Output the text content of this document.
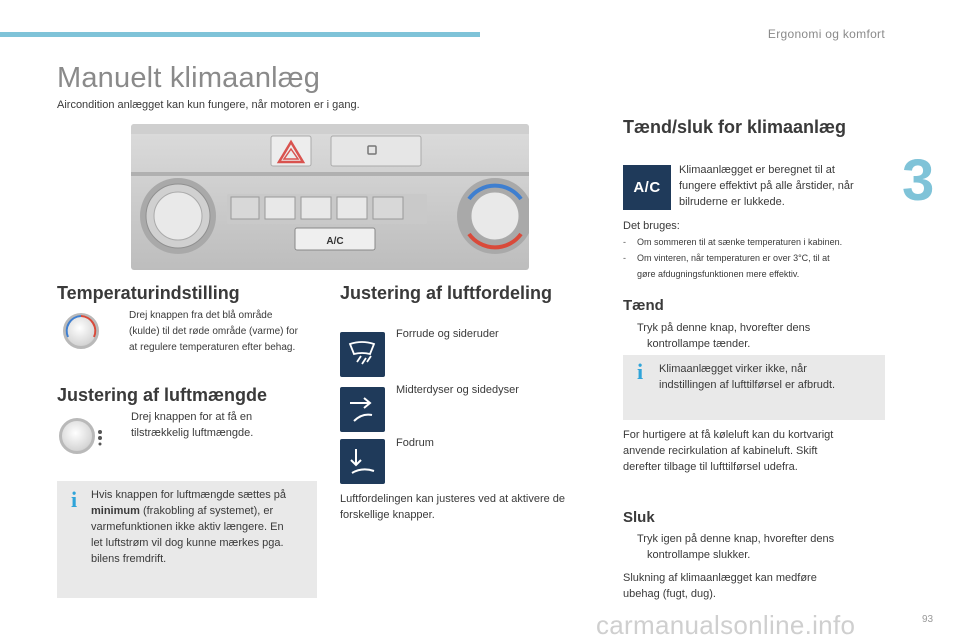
Ergonomi og komfort
3
Manuelt klimaanlæg
Aircondition anlægget kan kun fungere, når motoren er i gang.
A/C
Temperaturindstilling
Drej knappen fra det blå område
(kulde) til det røde område (varme) for
at regulere temperaturen efter behag.
Justering af luftmængde
Drej knappen for at få en
tilstrækkelig luftmængde.
i Hvis knappen for luftmængde sættes på
minimum (frakobling af systemet), er
varmefunktionen ikke aktiv længere. En
let luftstrøm vil dog kunne mærkes pga.
bilens fremdrift.
Justering af luftfordeling
Forrude og sideruder
Midterdyser og sidedyser
Fodrum
Luftfordelingen kan justeres ved at aktivere de
forskellige knapper.
Tænd/sluk for klimaanlæg
A/C
Klimaanlægget er beregnet til at
fungere effektivt på alle årstider, når
bilruderne er lukkede.
Det bruges:
- Om sommeren til at sænke temperaturen i kabinen.
- Om vinteren, når temperaturen er over 3°C, til at
gøre afdugningsfunktionen mere effektiv.
Tænd
Tryk på denne knap, hvorefter dens
kontrollampe tænder.
i Klimaanlægget virker ikke, når
indstillingen af lufttilførsel er afbrudt.
For hurtigere at få køleluft kan du kortvarigt
anvende recirkulation af kabineluft. Skift
derefter tilbage til lufttilførsel udefra.
Sluk
Tryk igen på denne knap, hvorefter dens
kontrollampe slukker.
Slukning af klimaanlægget kan medføre
ubehag (fugt, dug).
carmanualsonline.info	93
